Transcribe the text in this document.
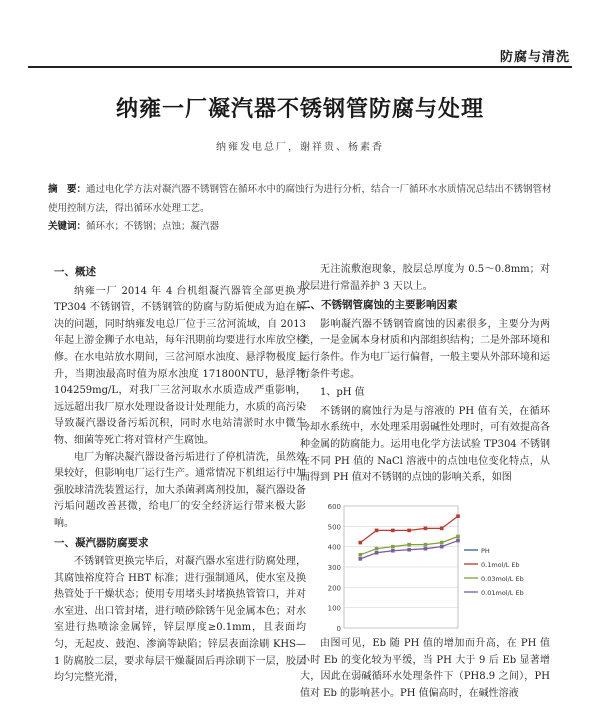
防腐与清洗
纳雍一厂凝汽器不锈钢管防腐与处理
纳雍发电总厂，谢祥贵、杨素香
摘　要：通过电化学方法对凝汽器不锈钢管在循环水中的腐蚀行为进行分析，结合一厂循环水水质情况总结出不锈钢管材使用控制方法，得出循环水处理工艺。
关键词：循环水；不锈钢；点蚀；凝汽器
一、概述

纳雍一厂 2014 年 4 台机组凝汽器管全部更换为 TP304 不锈钢管，不锈钢管的防腐与防垢便成为迫在解决的问题，同时纳雍发电总厂位于三岔河流域，自 2013 年起上游金狮子水电站，每年汛期前均要进行水库放空检修。在水电站放水期间，三岔河原水浊度、悬浮物极度上升，当期浊最高时值为原水浊度 171800NTU，悬浮物 104259mg/L，对我厂三岔河取水水质造成严重影响，远远超出我厂原水处理设备设计处理能力，水质的高污染导致凝汽器设备污垢沉积，同时水电站清淤时水中微生物、细菌等死亡将对管材产生腐蚀。

电厂为解决凝汽器设备污垢进行了停机清洗，虽然效果较好，但影响电厂运行生产。通常情况下机组运行中加强胶球清洗装置运行，加大杀菌剥离剂投加，凝汽器设备污垢问题改善甚微，给电厂的安全经济运行带来极大影响。

一、凝汽器防腐要求

不锈钢管更换完毕后，对凝汽器水室进行防腐处理，其腐蚀裕度符合 HBT 标准；进行强制通风，使水室及换热管处于干燥状态；使用专用堵头封堵换热管管口，并对水室进、出口管封堵，进行喷砂除锈午见金属本色；对水室进行热喷涂金属锌，锌层厚度≥0.1mm，且表面均匀，无起皮、鼓泡、渗滴等缺陷；锌层表面涂刷 KHS—1 防腐胶二层，要求每层干燥凝固后再涂刷下一层，胶层均匀完整光滑，

无注流敷泡现象，胶层总厚度为 0.5～0.8mm；对胶层进行常温养护 3 天以上。

二、不锈钢管腐蚀的主要影响因素

影响凝汽器不锈钢管腐蚀的因素很多，主要分为两类，一是金属本身材质和内部组织结构；二是外部环境和运行条件。作为电厂运行偏督，一般主要从外部环境和运行条件考虑。

1、pH 值

不锈钢的腐蚀行为是与溶液的 PH 值有关，在循环冷却水系统中，水处理采用弱碱性处理时，可有效提高各种金属的防腐能力。运用电化学方法试验 TP304 不锈钢在不同 PH 值的 NaCl 溶液中的点蚀电位变化特点，从而得到 PH 值对不锈钢的点蚀的影响关系，如图

0
100
200
300
400
500
600
PH
0.1mol/L Eb
0.03mol/L Eb
0.01mol/L Eb

由图可见，Eb 随 PH 值的增加而升高，在 PH 值小时 Eb 的变化较为平缓，当 PH 大于 9 后 Eb 显著增大，因此在弱碱循环水处理条件下（PH8.9 之间），PH 值对 Eb 的影响甚小。PH 值偏高时，在碱性溶液
